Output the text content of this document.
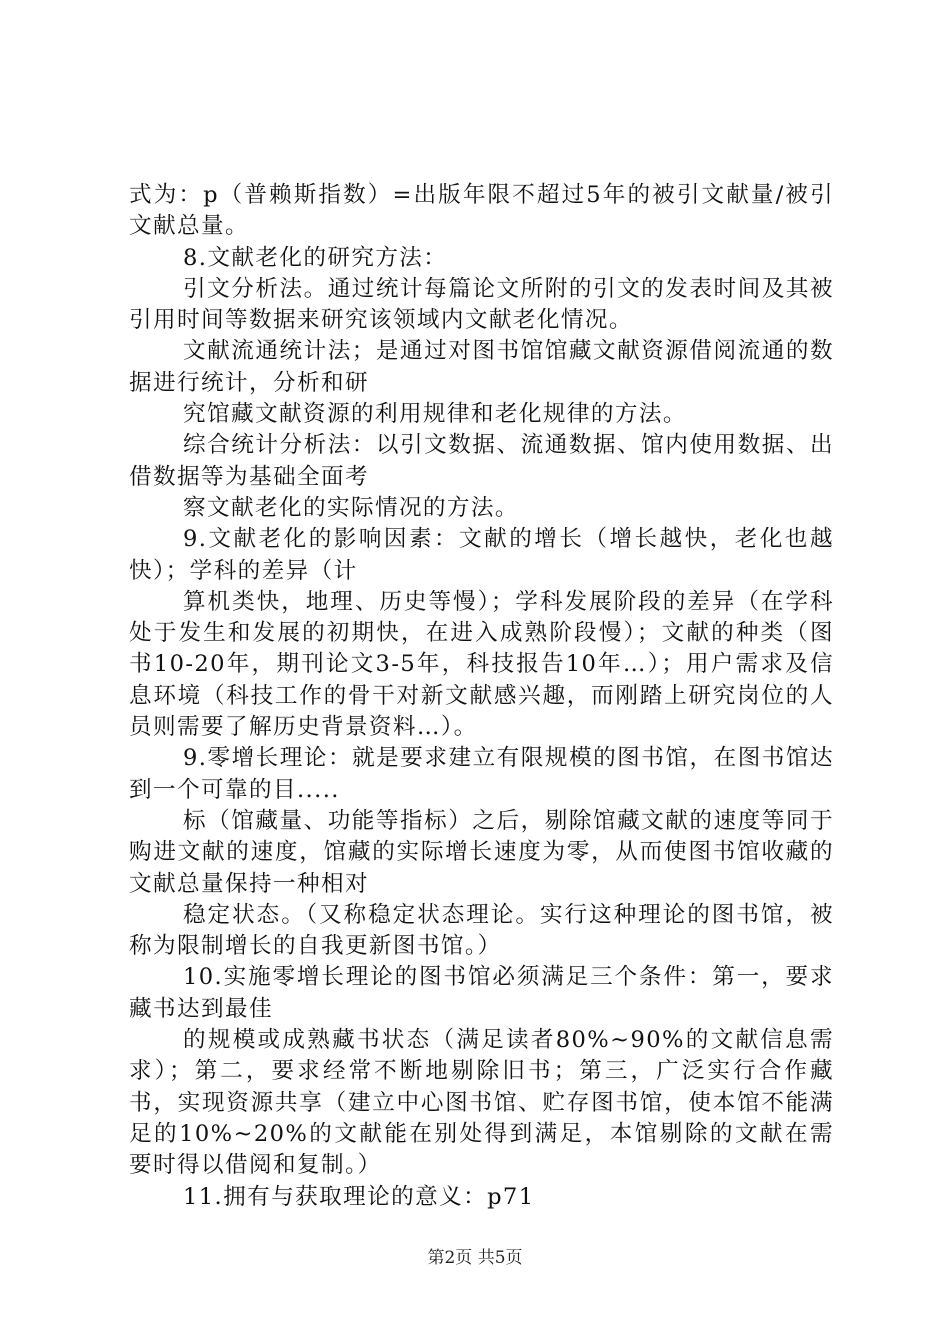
式为：p（普赖斯指数）=出版年限不超过5年的被引文献量/被引文献总量。

8.文献老化的研究方法：

引文分析法。通过统计每篇论文所附的引文的发表时间及其被引用时间等数据来研究该领域内文献老化情况。

文献流通统计法；是通过对图书馆馆藏文献资源借阅流通的数据进行统计，分析和研

究馆藏文献资源的利用规律和老化规律的方法。

综合统计分析法：以引文数据、流通数据、馆内使用数据、出借数据等为基础全面考

察文献老化的实际情况的方法。

9.文献老化的影响因素：文献的增长（增长越快，老化也越快）；学科的差异（计

算机类快，地理、历史等慢）；学科发展阶段的差异（在学科处于发生和发展的初期快，在进入成熟阶段慢）；文献的种类（图书10-20年，期刊论文3-5年，科技报告10年…）；用户需求及信息环境（科技工作的骨干对新文献感兴趣，而刚踏上研究岗位的人员则需要了解历史背景资料…）。

9.零增长理论：就是要求建立有限规模的图书馆，在图书馆达到一个可靠的目.....

标（馆藏量、功能等指标）之后，剔除馆藏文献的速度等同于购进文献的速度，馆藏的实际增长速度为零，从而使图书馆收藏的文献总量保持一种相对

稳定状态。（又称稳定状态理论。实行这种理论的图书馆，被称为限制增长的自我更新图书馆。）

10.实施零增长理论的图书馆必须满足三个条件：第一，要求藏书达到最佳

的规模或成熟藏书状态（满足读者80%~90%的文献信息需求）；第二，要求经常不断地剔除旧书；第三，广泛实行合作藏书，实现资源共享（建立中心图书馆、贮存图书馆，使本馆不能满足的10%~20%的文献能在别处得到满足，本馆剔除的文献在需要时得以借阅和复制。）

11.拥有与获取理论的意义：p71

第2页 共5页
